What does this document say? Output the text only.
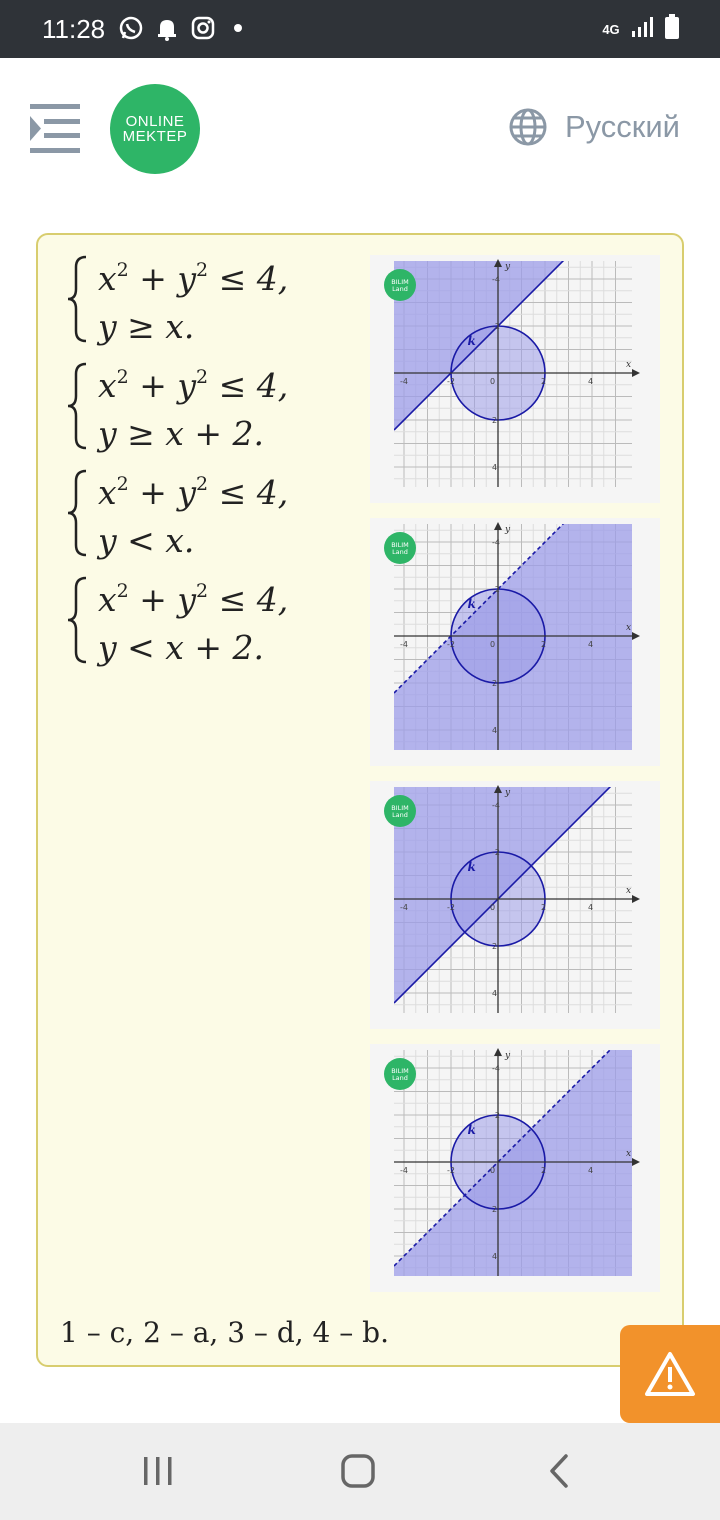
11:28	4G
ONLINE
MEKTEP	Русский
$x^2 + y^2 \le 4$,
y ≥ x.
$x^2 + y^2 \le 4$,
y ≥ x + 2.
$x^2 + y^2 \le 4$,
y < x.
$x^2 + y^2 \le 4$,
y < x + 2.
x
y
-4
4
-2
2
0	2
-2
4
-4
k
BILIM
Land
x
y
-4
4
-2
2
0	2
-2
4
-4
k
BILIM
Land
x
y
-4
4
-2
2
0	2
-2
4
-4
k
BILIM
Land
x
y
-4
4
-2
2
0	2
-2
4
-4
k
BILIM
Land
1 – c, 2 – a, 3 – d, 4 – b.
